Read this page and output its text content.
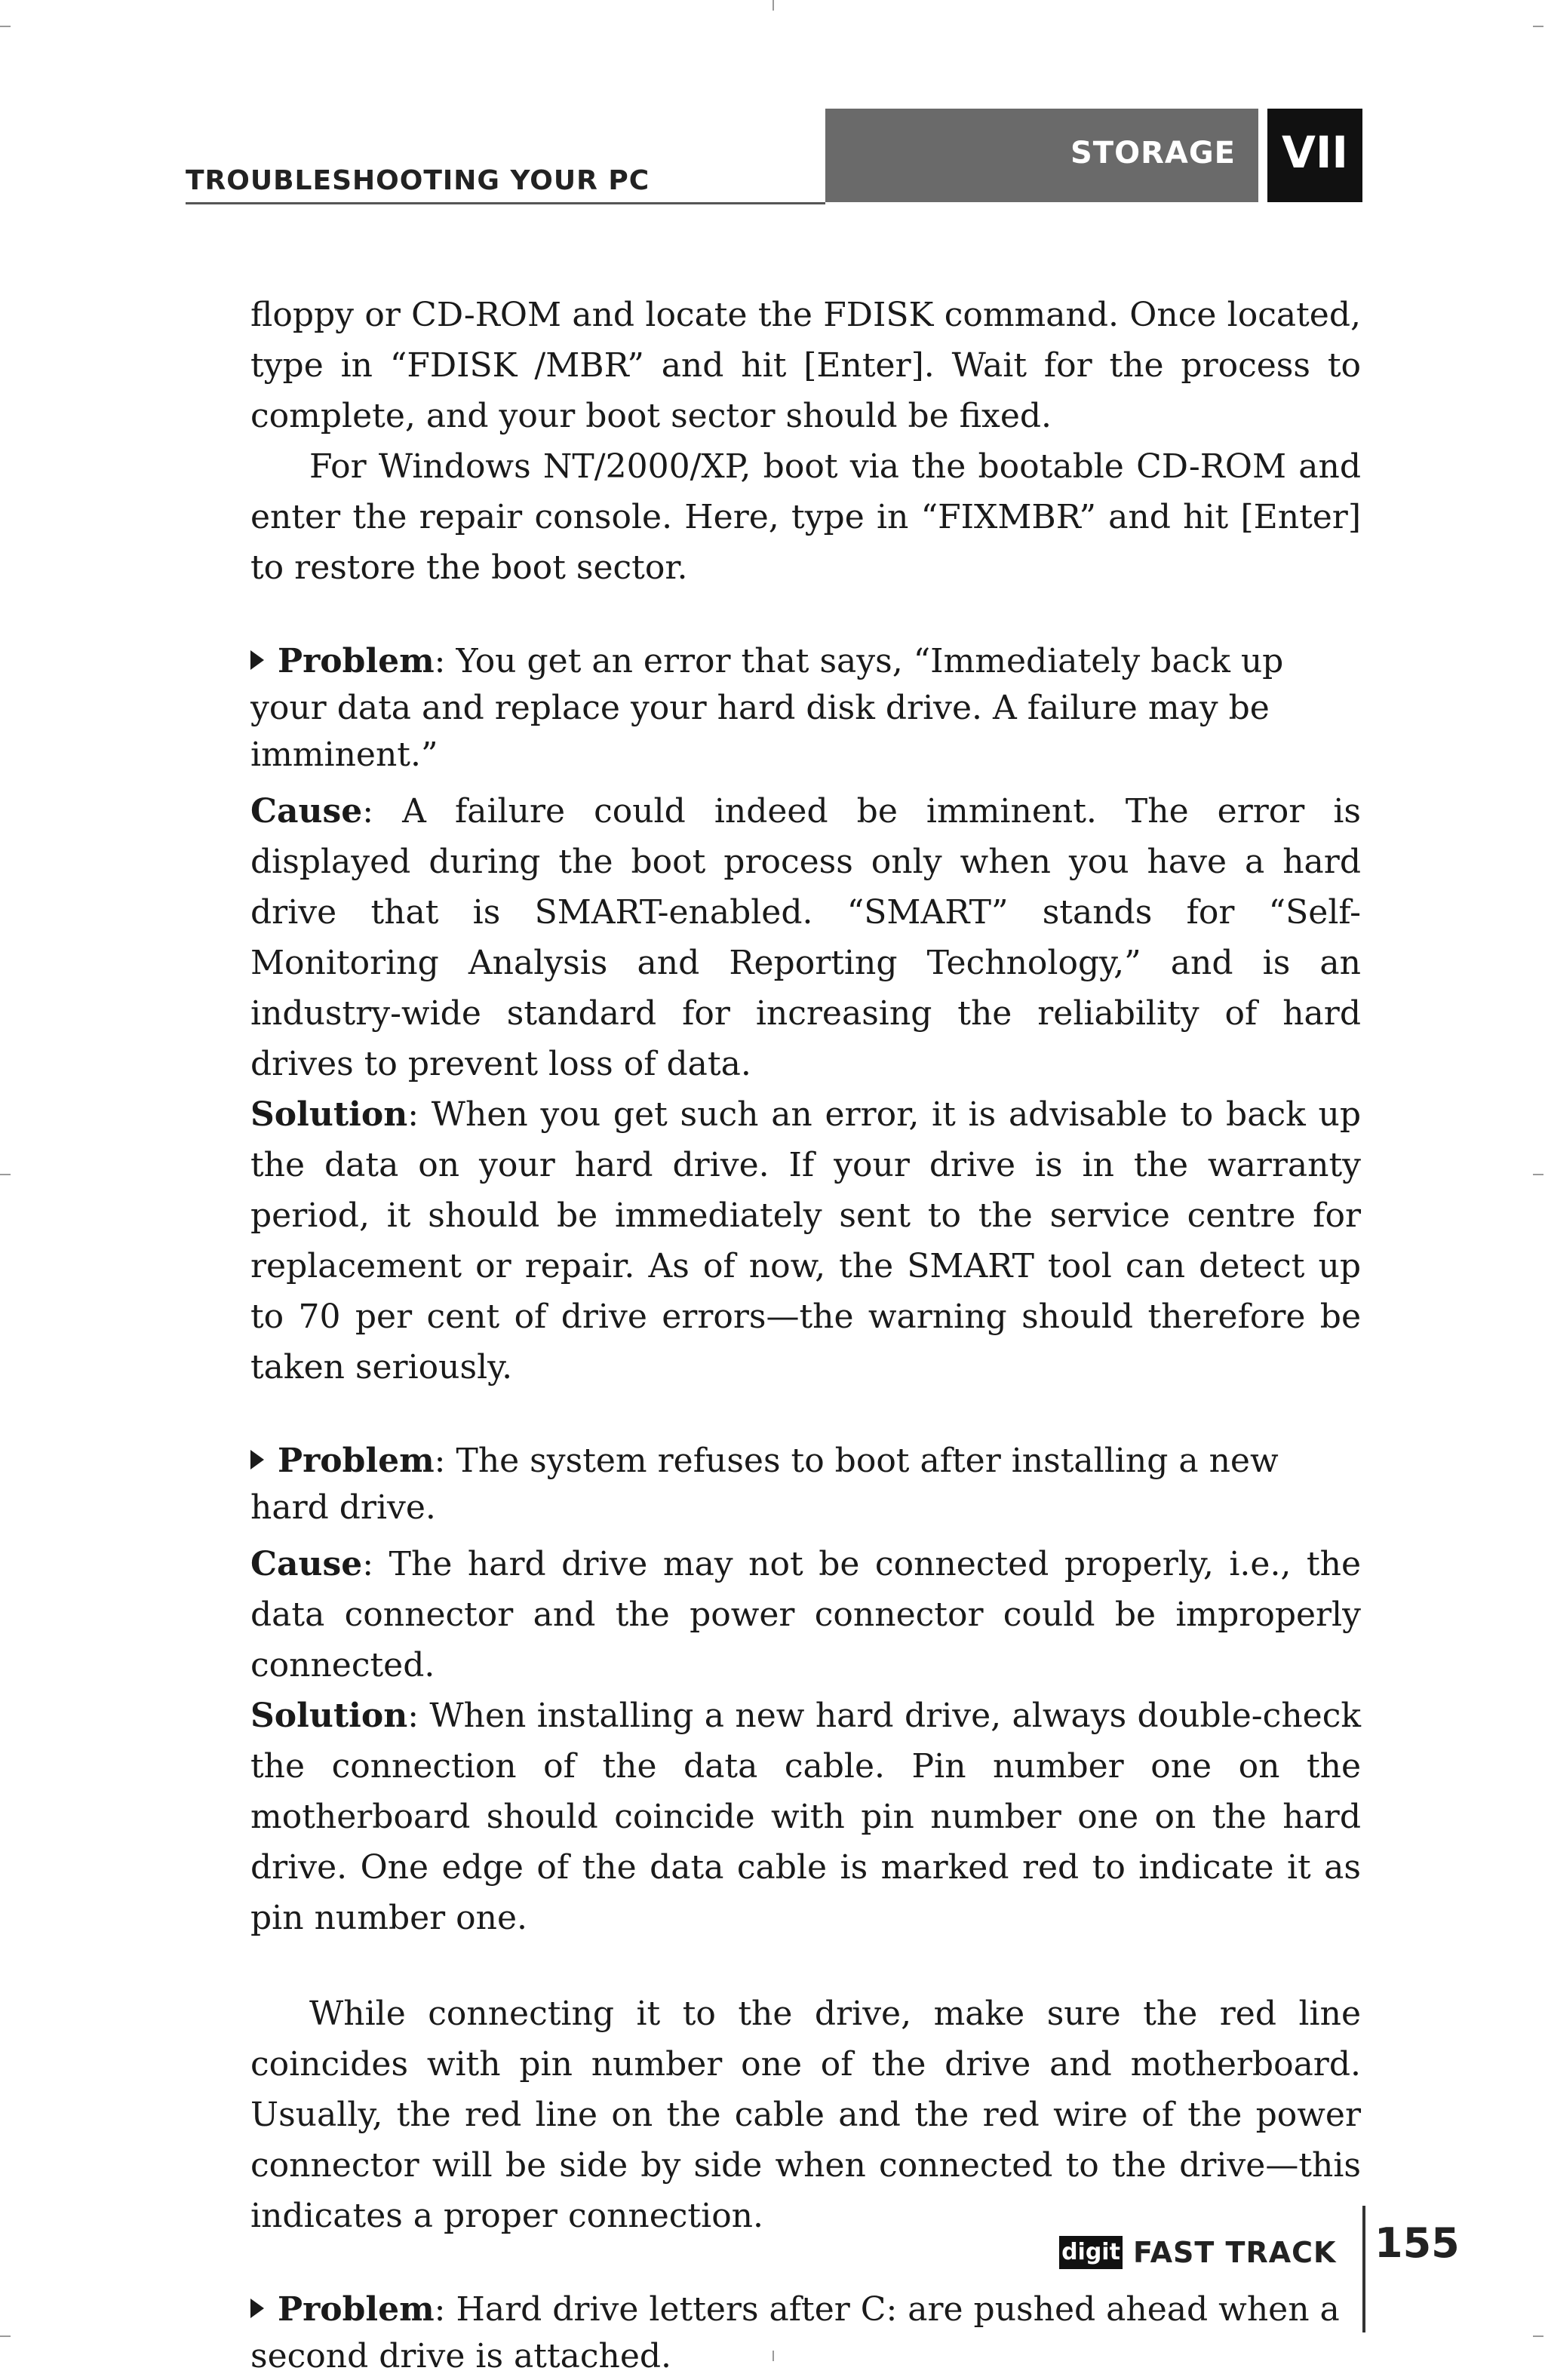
TROUBLESHOOTING YOUR PC
STORAGE	VII

floppy or CD-ROM and locate the FDISK command. Once located, type in “FDISK /MBR” and hit [Enter]. Wait for the process to complete, and your boot sector should be fixed.

For Windows NT/2000/XP, boot via the bootable CD-ROM and enter the repair console. Here, type in “FIXMBR” and hit [Enter] to restore the boot sector.

Problem: You get an error that says, “Immediately back up your data and replace your hard disk drive. A failure may be imminent.”

Cause: A failure could indeed be imminent. The error is displayed during the boot process only when you have a hard drive that is SMART-enabled. “SMART” stands for “Self-Monitoring Analysis and Reporting Technology,” and is an industry-wide standard for increasing the reliability of hard drives to prevent loss of data.

Solution: When you get such an error, it is advisable to back up the data on your hard drive. If your drive is in the warranty period, it should be immediately sent to the service centre for replacement or repair. As of now, the SMART tool can detect up to 70 per cent of drive errors—the warning should therefore be taken seriously.

Problem: The system refuses to boot after installing a new hard drive.

Cause: The hard drive may not be connected properly, i.e., the data connector and the power connector could be improperly connected.

Solution: When installing a new hard drive, always double-check the connection of the data cable. Pin number one on the motherboard should coincide with pin number one on the hard drive. One edge of the data cable is marked red to indicate it as pin number one.

While connecting it to the drive, make sure the red line coincides with pin number one of the drive and motherboard. Usually, the red line on the cable and the red wire of the power connector will be side by side when connected to the drive—this indicates a proper connection.

Problem: Hard drive letters after C: are pushed ahead when a second drive is attached.

digit FAST TRACK 155
